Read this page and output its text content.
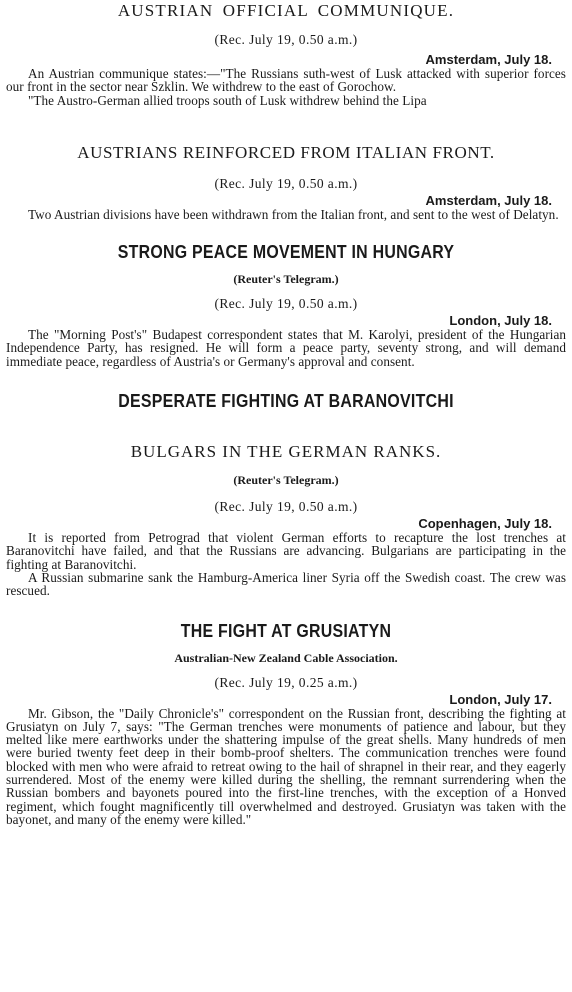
AUSTRIAN OFFICIAL COMMUNIQUE.
(Rec. July 19, 0.50 a.m.)
Amsterdam, July 18.

An Austrian communique states:—"The Russians suth-west of Lusk attacked with superior forces our front in the sector near Szklin. We withdrew to the east of Gorochow.

"The Austro-German allied troops south of Lusk withdrew behind the Lipa

AUSTRIANS REINFORCED FROM ITALIAN FRONT.
(Rec. July 19, 0.50 a.m.)
Amsterdam, July 18.

Two Austrian divisions have been withdrawn from the Italian front, and sent to the west of Delatyn.

STRONG PEACE MOVEMENT IN HUNGARY
(Reuter's Telegram.)
(Rec. July 19, 0.50 a.m.)
London, July 18.

The "Morning Post's" Budapest correspondent states that M. Karolyi, president of the Hungarian Independence Party, has resigned. He will form a peace party, seventy strong, and will demand immediate peace, regardless of Austria's or Germany's approval and consent.

DESPERATE FIGHTING AT BARANOVITCHI
BULGARS IN THE GERMAN RANKS.
(Reuter's Telegram.)
(Rec. July 19, 0.50 a.m.)
Copenhagen, July 18.

It is reported from Petrograd that violent German efforts to recapture the lost trenches at Baranovitchi have failed, and that the Russians are advancing. Bulgarians are participating in the fighting at Baranovitchi.

A Russian submarine sank the Hamburg-America liner Syria off the Swedish coast. The crew was rescued.

THE FIGHT AT GRUSIATYN
Australian-New Zealand Cable Association.
(Rec. July 19, 0.25 a.m.)
London, July 17.

Mr. Gibson, the "Daily Chronicle's" correspondent on the Russian front, describing the fighting at Grusiatyn on July 7, says: "The German trenches were monuments of patience and labour, but they melted like mere earthworks under the shattering impulse of the great shells. Many hundreds of men were buried twenty feet deep in their bomb-proof shelters. The communication trenches were found blocked with men who were afraid to retreat owing to the hail of shrapnel in their rear, and they eagerly surrendered. Most of the enemy were killed during the shelling, the remnant surrendering when the Russian bombers and bayonets poured into the first-line trenches, with the exception of a Honved regiment, which fought magnificently till overwhelmed and destroyed. Grusiatyn was taken with the bayonet, and many of the enemy were killed."
